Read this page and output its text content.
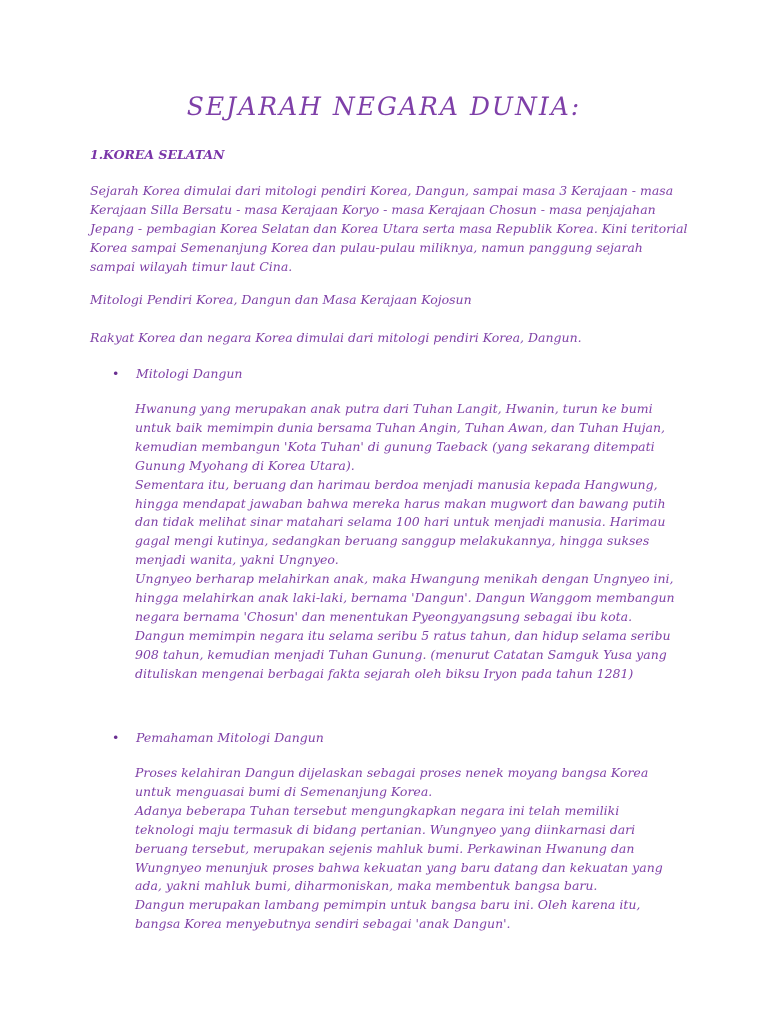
SEJARAH NEGARA DUNIA:
1.KOREA SELATAN
Sejarah Korea dimulai dari mitologi pendiri Korea, Dangun, sampai masa 3 Kerajaan - masa Kerajaan Silla Bersatu - masa Kerajaan Koryo - masa Kerajaan Chosun - masa penjajahan Jepang - pembagian Korea Selatan dan Korea Utara serta masa Republik Korea. Kini teritorial Korea sampai Semenanjung Korea dan pulau-pulau miliknya, namun panggung sejarah sampai wilayah timur laut Cina.
Mitologi Pendiri Korea, Dangun dan Masa Kerajaan Kojosun
Rakyat Korea dan negara Korea dimulai dari mitologi pendiri Korea, Dangun.
• Mitologi Dangun

Hwanung yang merupakan anak putra dari Tuhan Langit, Hwanin, turun ke bumi untuk baik memimpin dunia bersama Tuhan Angin, Tuhan Awan, dan Tuhan Hujan, kemudian membangun 'Kota Tuhan' di gunung Taeback (yang sekarang ditempati Gunung Myohang di Korea Utara).

Sementara itu, beruang dan harimau berdoa menjadi manusia kepada Hangwung, hingga mendapat jawaban bahwa mereka harus makan mugwort dan bawang putih dan tidak melihat sinar matahari selama 100 hari untuk menjadi manusia. Harimau gagal mengi kutinya, sedangkan beruang sanggup melakukannya, hingga sukses menjadi wanita, yakni Ungnyeo.

Ungnyeo berharap melahirkan anak, maka Hwangung menikah dengan Ungnyeo ini, hingga melahirkan anak laki-laki, bernama 'Dangun'. Dangun Wanggom membangun negara bernama 'Chosun' dan menentukan Pyeongyangsung sebagai ibu kota.

Dangun memimpin negara itu selama seribu 5 ratus tahun, dan hidup selama seribu 908 tahun, kemudian menjadi Tuhan Gunung. (menurut Catatan Samguk Yusa yang dituliskan mengenai berbagai fakta sejarah oleh biksu Iryon pada tahun 1281)

• Pemahaman Mitologi Dangun

Proses kelahiran Dangun dijelaskan sebagai proses nenek moyang bangsa Korea untuk menguasai bumi di Semenanjung Korea.

Adanya beberapa Tuhan tersebut mengungkapkan negara ini telah memiliki teknologi maju termasuk di bidang pertanian. Wungnyeo yang diinkarnasi dari beruang tersebut, merupakan sejenis mahluk bumi. Perkawinan Hwanung dan Wungnyeo menunjuk proses bahwa kekuatan yang baru datang dan kekuatan yang ada, yakni mahluk bumi, diharmoniskan, maka membentuk bangsa baru.

Dangun merupakan lambang pemimpin untuk bangsa baru ini. Oleh karena itu, bangsa Korea menyebutnya sendiri sebagai 'anak Dangun'.
